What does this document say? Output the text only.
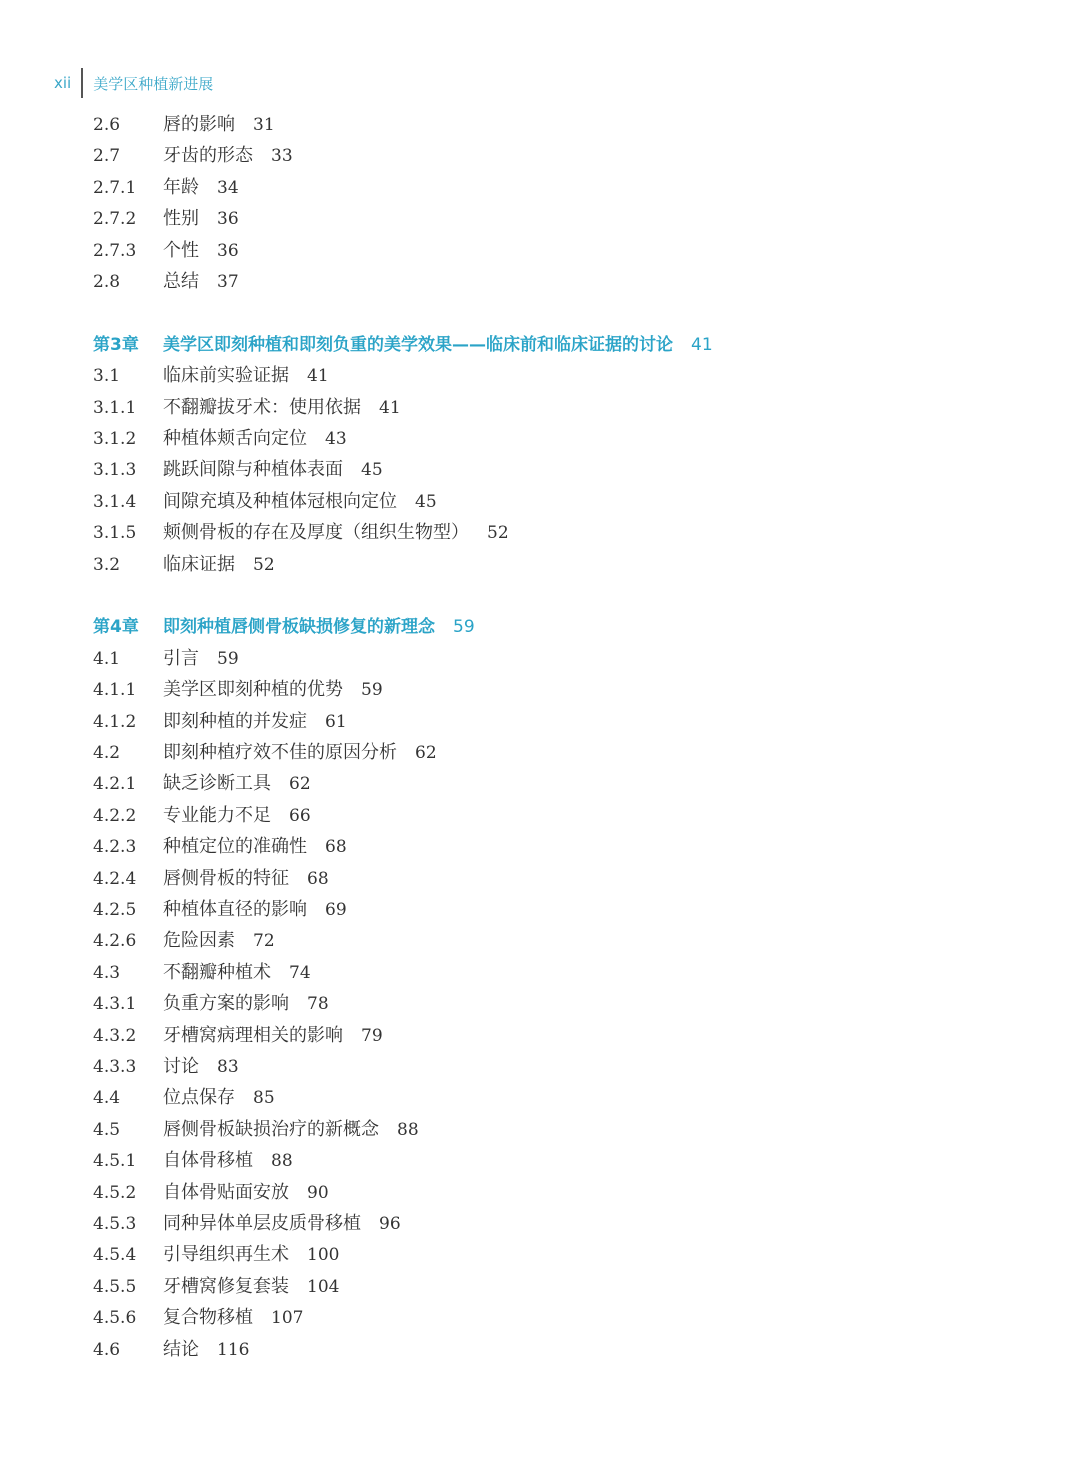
xii 美学区种植新进展
2.6	唇的影响 31
2.7	牙齿的形态 33
2.7.1	年龄 34
2.7.2	性别 36
2.7.3	个性 36
2.8	总结 37
第3章	美学区即刻种植和即刻负重的美学效果——临床前和临床证据的讨论 41
3.1	临床前实验证据 41
3.1.1	不翻瓣拔牙术：使用依据 41
3.1.2	种植体颊舌向定位 43
3.1.3	跳跃间隙与种植体表面 45
3.1.4	间隙充填及种植体冠根向定位 45
3.1.5	颊侧骨板的存在及厚度（组织生物型） 52
3.2	临床证据 52
第4章	即刻种植唇侧骨板缺损修复的新理念 59
4.1	引言 59
4.1.1	美学区即刻种植的优势 59
4.1.2	即刻种植的并发症 61
4.2	即刻种植疗效不佳的原因分析 62
4.2.1	缺乏诊断工具 62
4.2.2	专业能力不足 66
4.2.3	种植定位的准确性 68
4.2.4	唇侧骨板的特征 68
4.2.5	种植体直径的影响 69
4.2.6	危险因素 72
4.3	不翻瓣种植术 74
4.3.1	负重方案的影响 78
4.3.2	牙槽窝病理相关的影响 79
4.3.3	讨论 83
4.4	位点保存 85
4.5	唇侧骨板缺损治疗的新概念 88
4.5.1	自体骨移植 88
4.5.2	自体骨贴面安放 90
4.5.3	同种异体单层皮质骨移植 96
4.5.4	引导组织再生术 100
4.5.5	牙槽窝修复套装 104
4.5.6	复合物移植 107
4.6	结论 116
